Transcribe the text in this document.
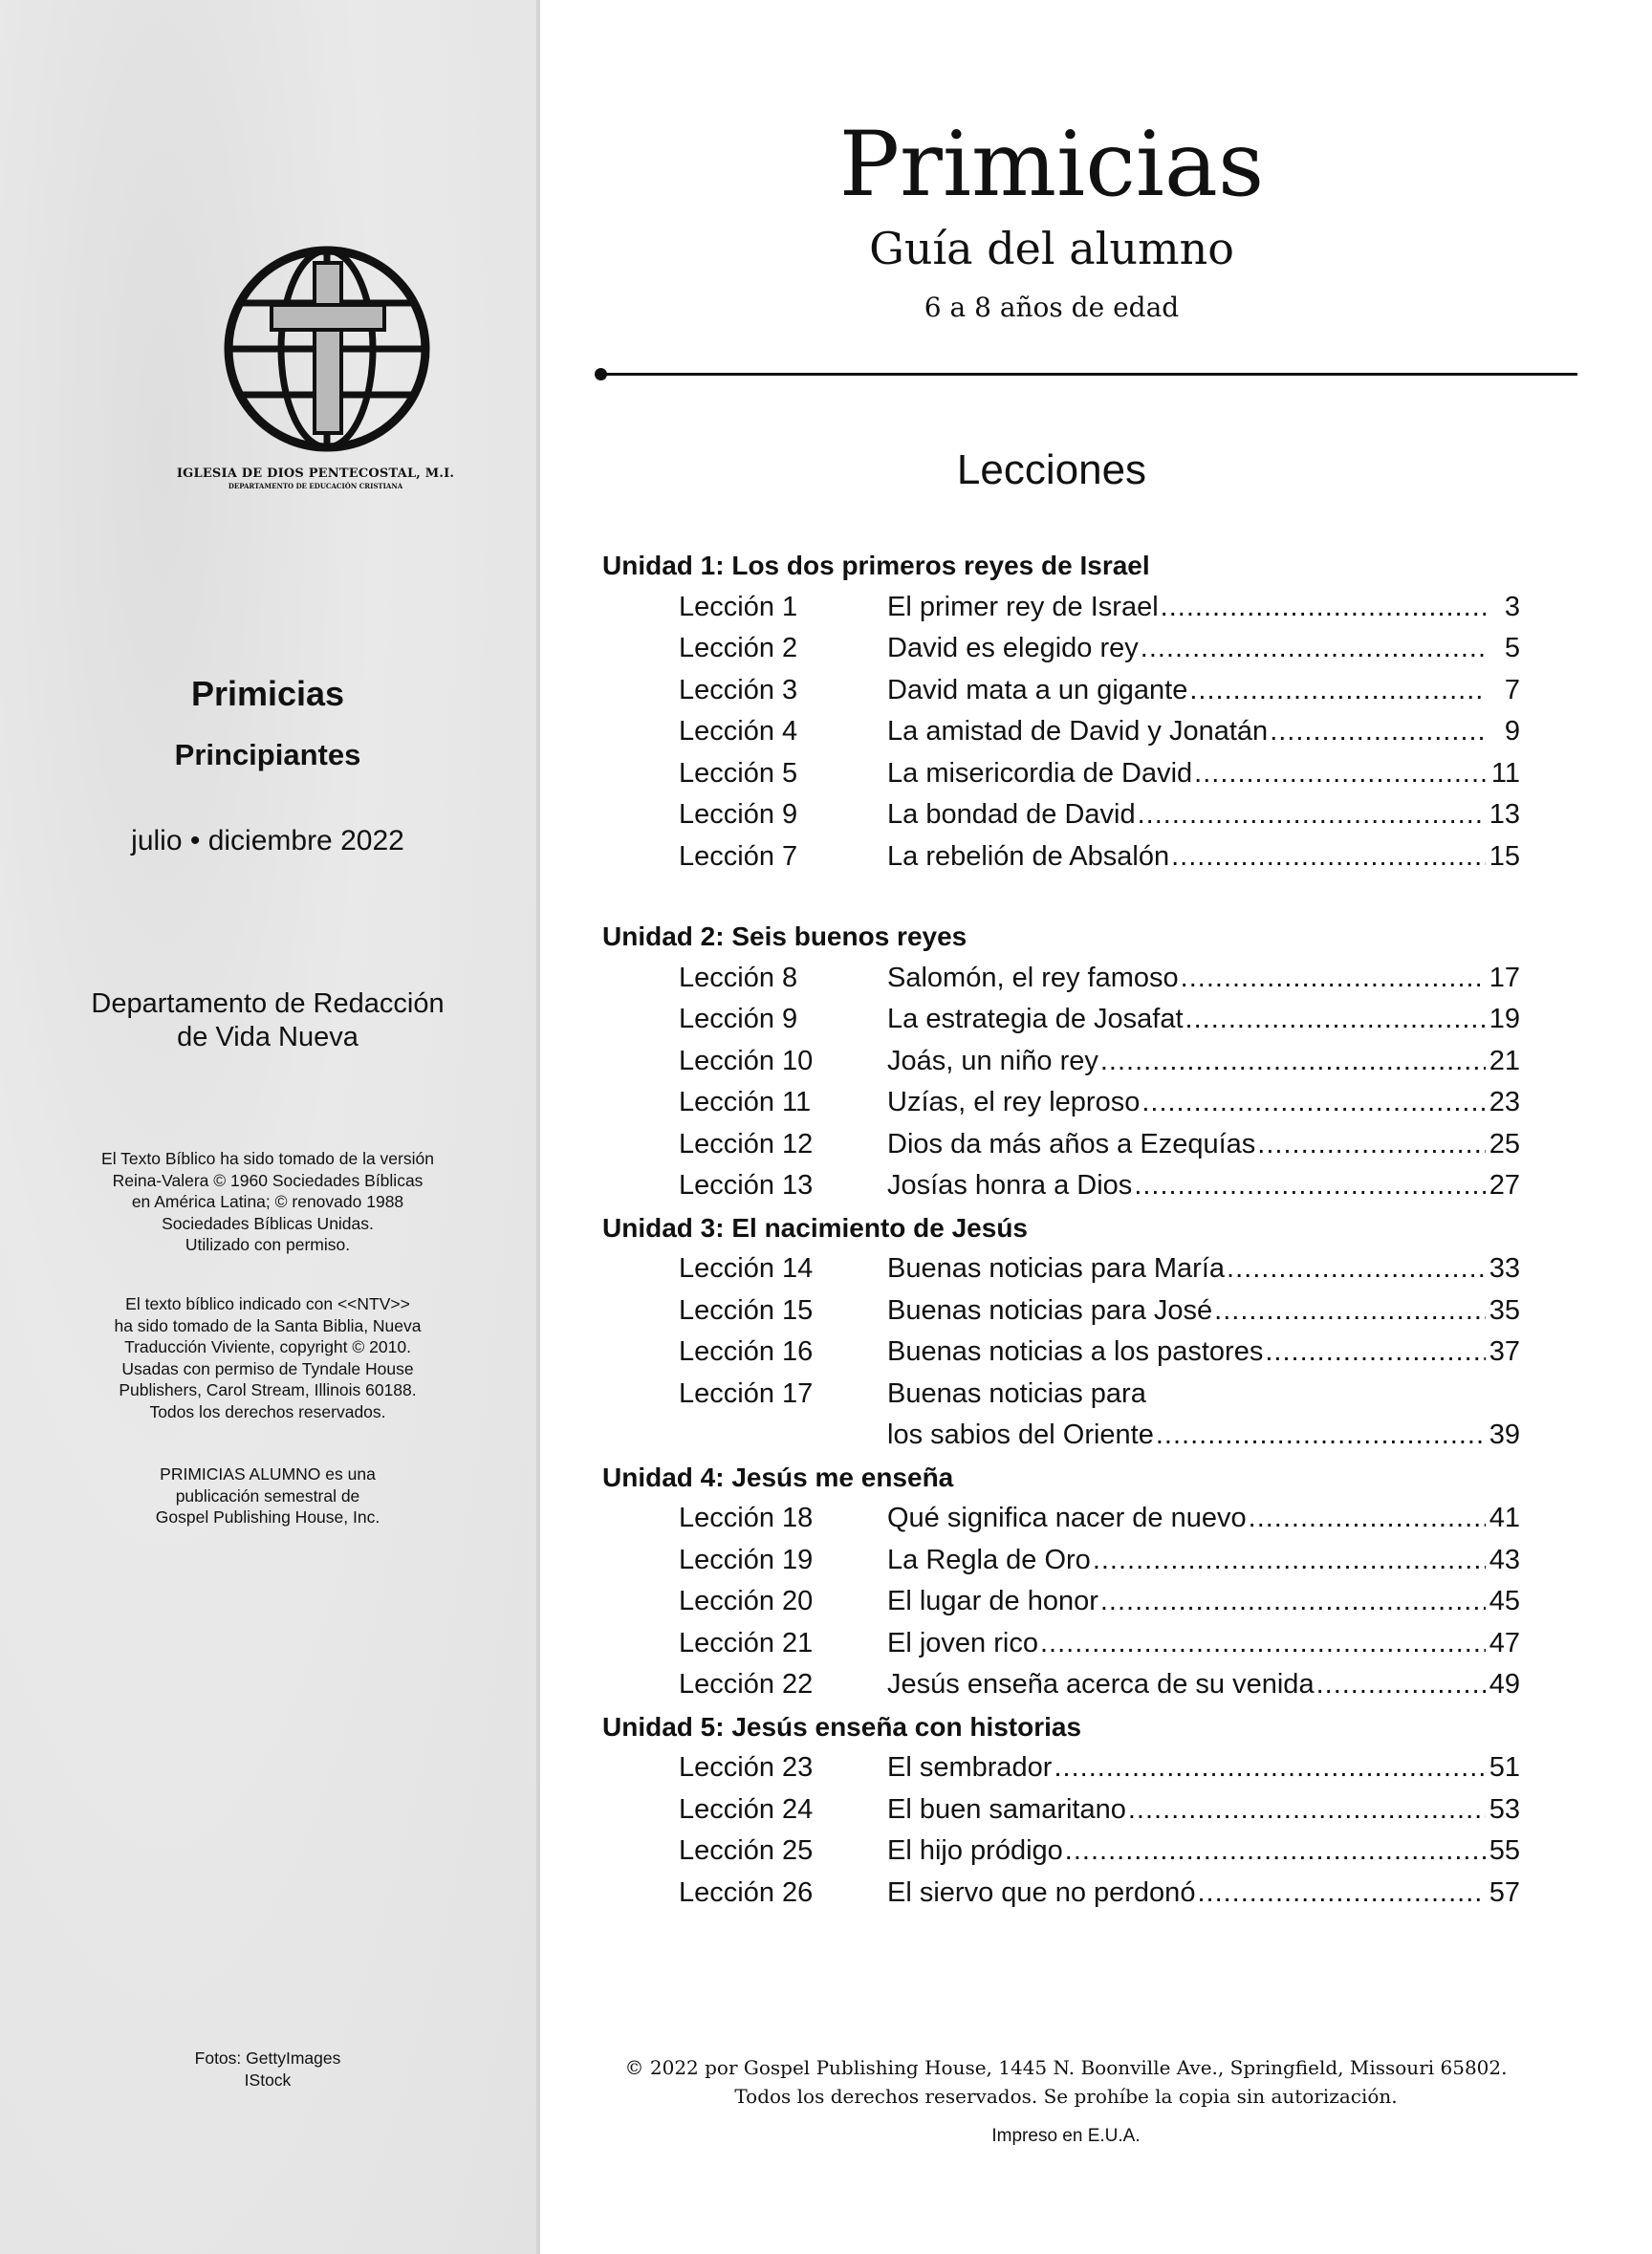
IGLESIA DE DIOS PENTECOSTAL, M.I.
DEPARTAMENTO DE EDUCACIÓN CRISTIANA
Primicias
Principiantes
julio • diciembre 2022
Departamento de Redacción
de Vida Nueva
El Texto Bíblico ha sido tomado de la versión
Reina-Valera © 1960 Sociedades Bíblicas
en América Latina; © renovado 1988
Sociedades Bíblicas Unidas.
Utilizado con permiso.
El texto bíblico indicado con <<NTV>>
ha sido tomado de la Santa Biblia, Nueva
Traducción Viviente, copyright © 2010.
Usadas con permiso de Tyndale House
Publishers, Carol Stream, Illinois 60188.
Todos los derechos reservados.
PRIMICIAS ALUMNO es una
publicación semestral de
Gospel Publishing House, Inc.
Fotos: GettyImages
IStock
Primicias
Guía del alumno
6 a 8 años de edad
Lecciones
Unidad 1: Los dos primeros reyes de Israel
Lección 1	El primer rey de Israel .....	3
Lección 2	David es elegido rey .....	5
Lección 3	David mata a un gigante .....	7
Lección 4	La amistad de David y Jonatán .....	9
Lección 5	La misericordia de David .....	11
Lección 9	La bondad de David .....	13
Lección 7	La rebelión de Absalón .....	15
Unidad 2: Seis buenos reyes
Lección 8	Salomón, el rey famoso .....	17
Lección 9	La estrategia de Josafat .....	19
Lección 10	Joás, un niño rey .....	21
Lección 11	Uzías, el rey leproso .....	23
Lección 12	Dios da más años a Ezequías .....	25
Lección 13	Josías honra a Dios .....	27
Unidad 3: El nacimiento de Jesús
Lección 14	Buenas noticias para María .....	33
Lección 15	Buenas noticias para José .....	35
Lección 16	Buenas noticias a los pastores .....	37
Lección 17	Buenas noticias para
los sabios del Oriente .....	39
Unidad 4: Jesús me enseña
Lección 18	Qué significa nacer de nuevo .....	41
Lección 19	La Regla de Oro .....	43
Lección 20	El lugar de honor .....	45
Lección 21	El joven rico .....	47
Lección 22	Jesús enseña acerca de su venida .....	49
Unidad 5: Jesús enseña con historias
Lección 23	El sembrador .....	51
Lección 24	El buen samaritano .....	53
Lección 25	El hijo pródigo .....	55
Lección 26	El siervo que no perdonó .....	57
© 2022 por Gospel Publishing House, 1445 N. Boonville Ave., Springfield, Missouri 65802.
Todos los derechos reservados. Se prohíbe la copia sin autorización.
Impreso en E.U.A.
